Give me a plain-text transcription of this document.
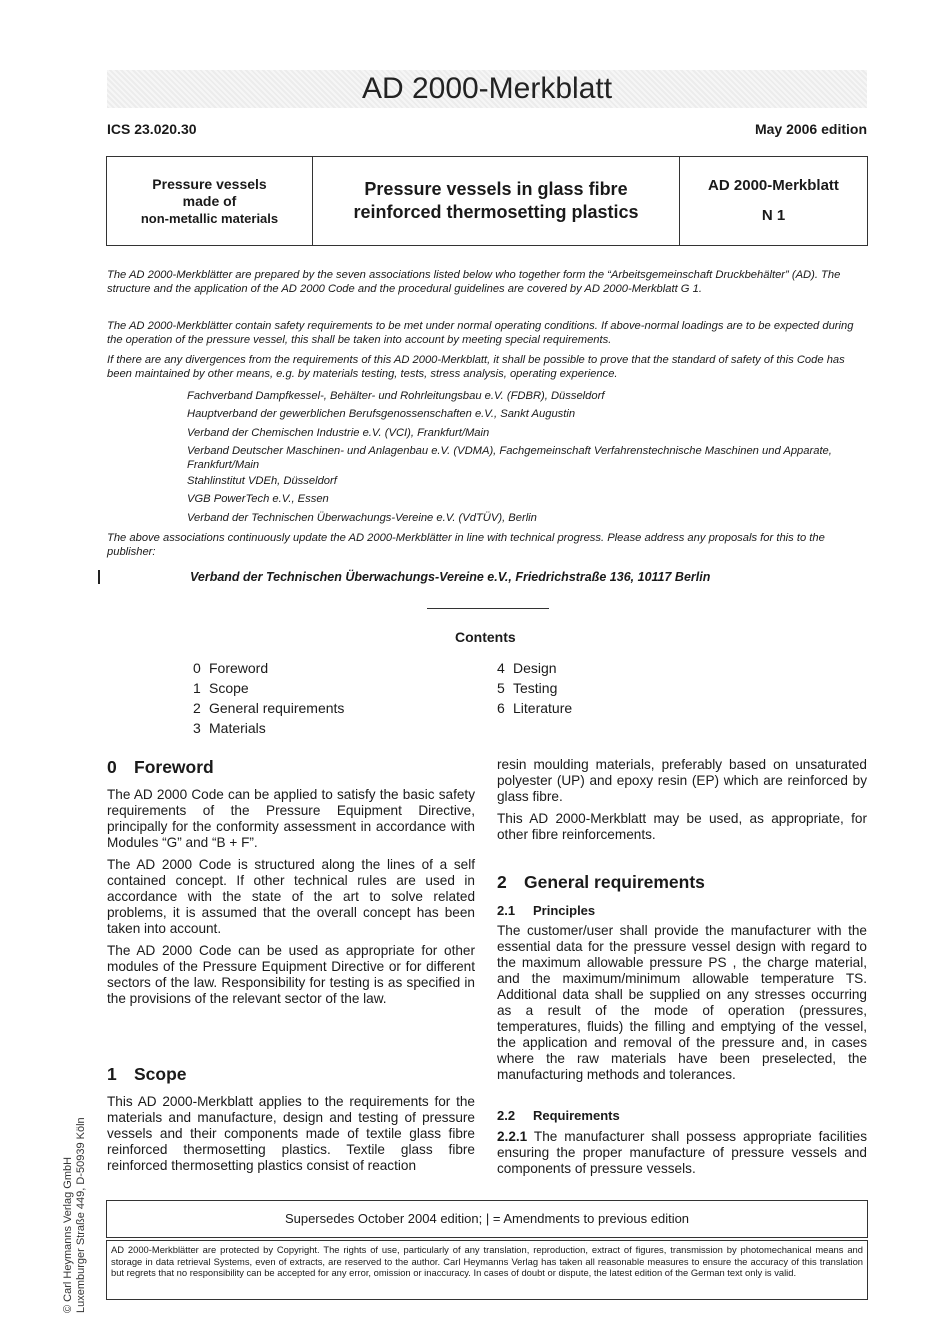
AD 2000-Merkblatt
ICS 23.020.30	May 2006 edition
Pressure vessels
made of
non-metallic materials
Pressure vessels in glass fibre
reinforced thermosetting plastics
AD 2000-Merkblatt
N 1
The AD 2000-Merkblätter are prepared by the seven associations listed below who together form the “Arbeitsgemeinschaft Druckbehälter” (AD). The structure and the application of the AD 2000 Code and the procedural guidelines are covered by AD 2000-Merkblatt G 1.
The AD 2000-Merkblätter contain safety requirements to be met under normal operating conditions. If above-normal loadings are to be expected during the operation of the pressure vessel, this shall be taken into account by meeting special requirements.
If there are any divergences from the requirements of this AD 2000-Merkblatt, it shall be possible to prove that the standard of safety of this Code has been maintained by other means, e.g. by materials testing, tests, stress analysis, operating experience.
Fachverband Dampfkessel-, Behälter- und Rohrleitungsbau e.V. (FDBR), Düsseldorf
Hauptverband der gewerblichen Berufsgenossenschaften e.V., Sankt Augustin
Verband der Chemischen Industrie e.V. (VCI), Frankfurt/Main
Verband Deutscher Maschinen- und Anlagenbau e.V. (VDMA), Fachgemeinschaft Verfahrenstechnische Maschinen und Apparate, Frankfurt/Main
Stahlinstitut VDEh, Düsseldorf
VGB PowerTech e.V., Essen
Verband der Technischen Überwachungs-Vereine e.V. (VdTÜV), Berlin
The above associations continuously update the AD 2000-Merkblätter in line with technical progress. Please address any proposals for this to the publisher:
Verband der Technischen Überwachungs-Vereine e.V., Friedrichstraße 136, 10117 Berlin
Contents
0 Foreword
1 Scope
2 General requirements
3 Materials
4 Design
5 Testing
6 Literature
0 Foreword

The AD 2000 Code can be applied to satisfy the basic safety requirements of the Pressure Equipment Directive, principally for the conformity assessment in accordance with Modules “G” and “B + F”.

The AD 2000 Code is structured along the lines of a self contained concept. If other technical rules are used in accordance with the state of the art to solve related problems, it is assumed that the overall concept has been taken into account.

The AD 2000 Code can be used as appropriate for other modules of the Pressure Equipment Directive or for different sectors of the law. Responsibility for testing is as specified in the provisions of the relevant sector of the law.

1 Scope
This AD 2000-Merkblatt applies to the requirements for the materials and manufacture, design and testing of pressure vessels and their components made of textile glass fibre reinforced thermosetting plastics. Textile glass fibre reinforced thermosetting plastics consist of reaction

resin moulding materials, preferably based on unsaturated polyester (UP) and epoxy resin (EP) which are reinforced by glass fibre.

This AD 2000-Merkblatt may be used, as appropriate, for other fibre reinforcements.

2 General requirements
2.1 Principles
The customer/user shall provide the manufacturer with the essential data for the pressure vessel design with regard to the maximum allowable pressure PS , the charge material, and the maximum/minimum allowable temperature TS. Additional data shall be supplied on any stresses occurring as a result of the mode of operation (pressures, temperatures, fluids) the filling and emptying of the vessel, the application and removal of the pressure and, in cases where the raw materials have been preselected, the manufacturing methods and tolerances.
2.2 Requirements
2.2.1 The manufacturer shall possess appropriate facilities ensuring the proper manufacture of pressure vessels and components of pressure vessels.
© Carl Heymanns Verlag GmbH Luxemburger Straße 449, D-50939 Köln	Supersedes October 2004 edition; | = Amendments to previous edition
AD 2000-Merkblätter are protected by Copyright. The rights of use, particularly of any translation, reproduction, extract of figures, transmission by photomechanical means and storage in data retrieval Systems, even of extracts, are reserved to the author. Carl Heymanns Verlag has taken all reasonable measures to ensure the accuracy of this translation but regrets that no responsibility can be accepted for any error, omission or inaccuracy. In cases of doubt or dispute, the latest edition of the German text only is valid.
